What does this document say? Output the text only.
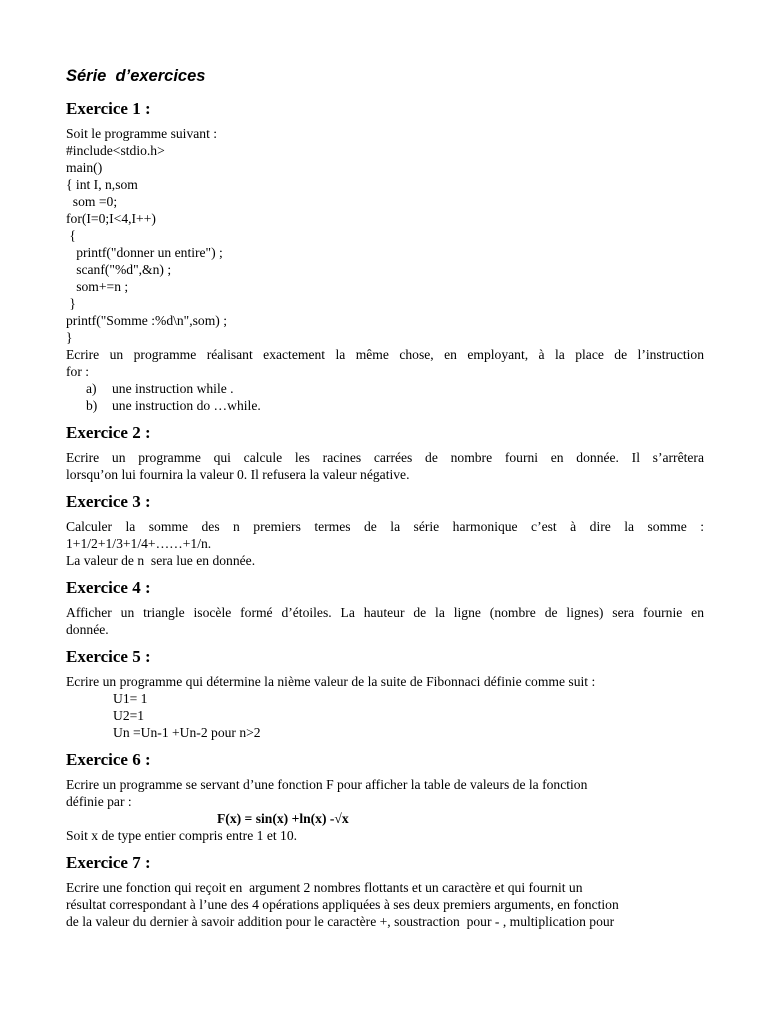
Série  d’exercices
Exercice 1 :
Soit le programme suivant :
#include<stdio.h>
main()
{ int I, n,som
som =0;
for(I=0;I<4,I++)
{
printf("donner un entire") ;
scanf("%d",&n) ;
som+=n ;
}
printf("Somme :%d\n",som) ;
}
Ecrire un programme réalisant exactement la même chose, en employant, à la place de l’instruction
for :
a) une instruction while .
b) une instruction do …while.
Exercice 2 :
Ecrire un programme qui calcule les racines carrées de nombre fourni en donnée. Il s’arrêtera
lorsqu’on lui fournira la valeur 0. Il refusera la valeur négative.
Exercice 3 :
Calculer la somme des n premiers termes de la série harmonique c’est à dire la somme :
1+1/2+1/3+1/4+……+1/n.
La valeur de n  sera lue en donnée.
Exercice 4 :
Afficher un triangle isocèle formé d’étoiles. La hauteur de la ligne (nombre de lignes) sera fournie en
donnée.
Exercice 5 :
Ecrire un programme qui détermine la nième valeur de la suite de Fibonnaci définie comme suit :
U1= 1
U2=1
Un =Un-1 +Un-2 pour n>2
Exercice 6 :
Ecrire un programme se servant d’une fonction F pour afficher la table de valeurs de la fonction
définie par :
F(x) = sin(x) +ln(x) -√x
Soit x de type entier compris entre 1 et 10.
Exercice 7 :
Ecrire une fonction qui reçoit en  argument 2 nombres flottants et un caractère et qui fournit un
résultat correspondant à l’une des 4 opérations appliquées à ses deux premiers arguments, en fonction
de la valeur du dernier à savoir addition pour le caractère +, soustraction  pour - , multiplication pour
